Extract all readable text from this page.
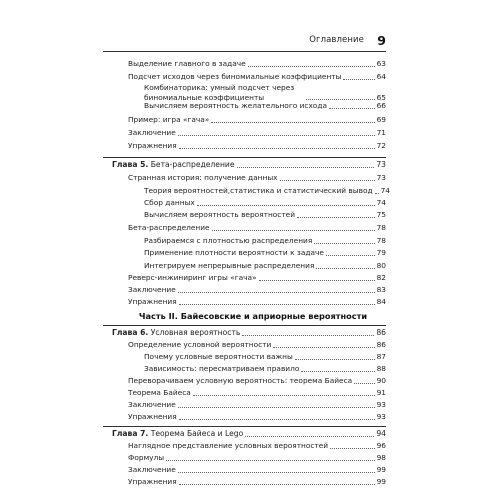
Оглавление 9
Выделение главного в задаче	63
Подсчет исходов через биномиальные коэффициенты	64
Комбинаторика: умный подсчет через биномиальные коэффициенты	65
Вычисляем вероятность желательного исхода	66
Пример: игра «гача»	69
Заключение	71
Упражнения	72
Глава 5. Бета-распределение	73
Странная история: получение данных	73
Теория вероятностей,статистика и статистический вывод 74
Сбор данных	74
Вычисляем вероятность вероятностей	75
Бета-распределение	78
Разбираемся с плотностью распределения	78
Применение плотности вероятности к задаче	79
Интегрируем непрерывные распределения	80
Реверс-инжиниринг игры «гача»	82
Заключение	83
Упражнения	84
Часть II. Байесовские и априорные вероятности
Глава 6. Условная вероятность	86
Определение условной вероятности	86
Почему условные вероятности важны	87
Зависимость: пересматриваем правило	88
Переворачиваем условную вероятность: теорема Байеса	90
Теорема Байеса	91
Заключение	93
Упражнения	93
Глава 7. Теорема Байеса и Lego	94
Наглядное представление условных вероятностей	96
Формулы	98
Заключение	99
Упражнения	99
